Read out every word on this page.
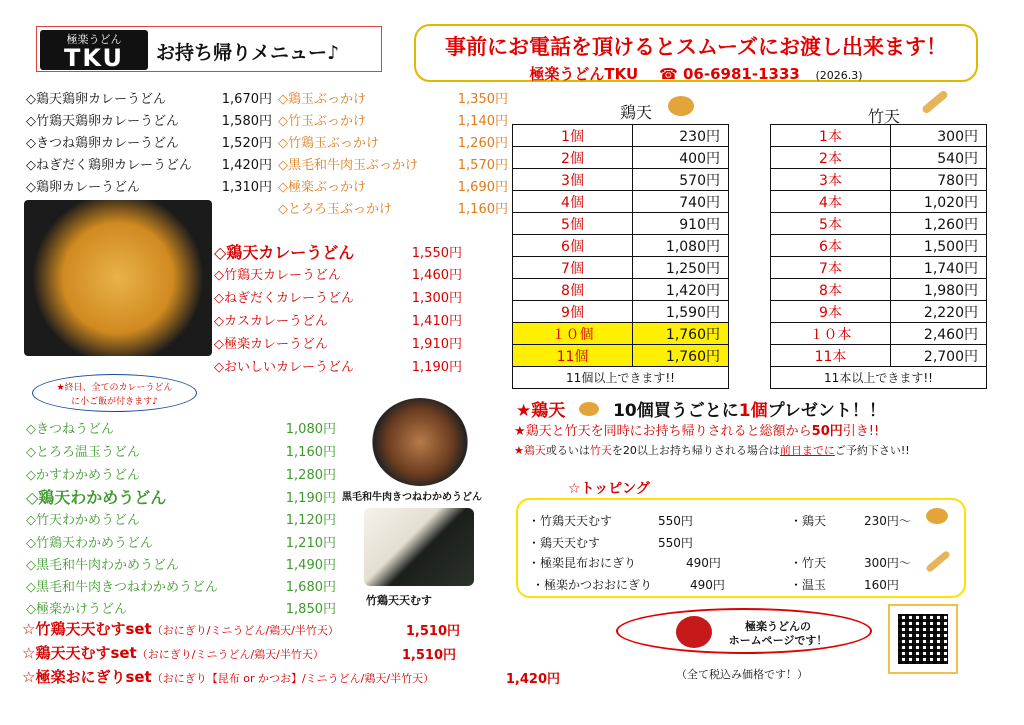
極楽うどん
TKU	お持ち帰りメニュー♪	事前にお電話を頂けるとスムーズにお渡し出来ます！
極楽うどんTKU ☎ 06-6981-1333 (2026.3)
◇鶏天鶏卵カレーうどん	1,670円
◇竹鶏天鶏卵カレーうどん	1,580円
◇きつね鶏卵カレーうどん	1,520円
◇ねぎだく鶏卵カレーうどん	1,420円
◇鶏卵カレーうどん	1,310円
◇鶏玉ぶっかけ	1,350円
◇竹玉ぶっかけ	1,140円
◇竹鶏玉ぶっかけ	1,260円
◇黒毛和牛肉玉ぶっかけ	1,570円
◇極楽ぶっかけ	1,690円
◇とろろ玉ぶっかけ	1,160円
◇鶏天カレーうどん	1,550円
◇竹鶏天カレーうどん	1,460円
◇ねぎだくカレーうどん	1,300円
◇カスカレーうどん	1,410円
◇極楽カレーうどん	1,910円
◇おいしいカレーうどん	1,190円
★終日、全てのカレーうどん
に小ご飯が付きます♪
◇きつねうどん	1,080円
◇とろろ温玉うどん	1,160円
◇かすわかめうどん	1,280円
◇鶏天わかめうどん	1,190円
◇竹天わかめうどん	1,120円
◇竹鶏天わかめうどん	1,210円
◇黒毛和牛肉わかめうどん	1,490円
◇黒毛和牛肉きつねわかめうどん	1,680円
◇極楽かけうどん	1,850円
黒毛和牛肉きつねわかめうどん
竹鶏天天むす
☆竹鶏天天むすset（おにぎり/ミニうどん/鶏天/半竹天）	1,510円
☆鶏天天むすset（おにぎり/ミニうどん/鶏天/半竹天）	1,510円
☆極楽おにぎりset（おにぎり【昆布 or かつお】/ミニうどん/鶏天/半竹天）	1,420円
鶏天
1個	230円
2個	400円
3個	570円
4個	740円
5個	910円
6個	1,080円
7個	1,250円
8個	1,420円
9個	1,590円
１０個	1,760円
11個	1,760円
11個以上できます!!	
竹天
1本	300円
2本	540円
3本	780円
4本	1,020円
5本	1,260円
6本	1,500円
7本	1,740円
8本	1,980円
9本	2,220円
１０本	2,460円
11本	2,700円
11本以上できます!!	
★鶏天	10個買うごとに1個プレゼント！！
★鶏天と竹天を同時にお持ち帰りされると総額から50円引き!!
★鶏天或るいは竹天を20以上お持ち帰りされる場合は前日までにご予約下さい!!
☆トッピング
・竹鶏天天むす	550円
・鶏天天むす	550円
・極楽昆布おにぎり	490円
・極楽かつおおにぎり	490円
・鶏天	230円～
・竹天	300円～
・温玉	160円
極楽うどんの
ホームページです！
（全て税込み価格です！）
